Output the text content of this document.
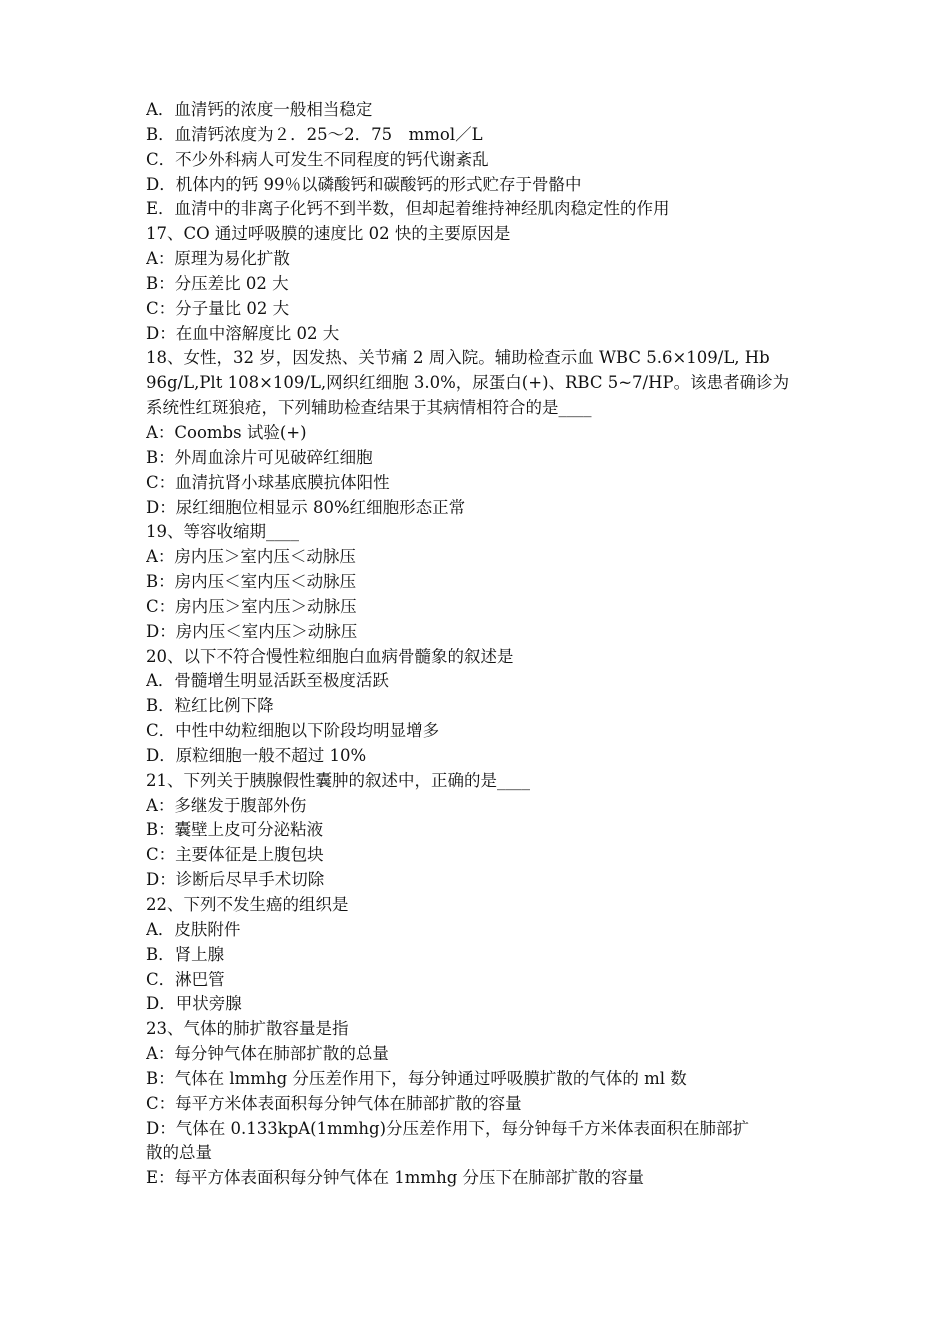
A．血清钙的浓度一般相当稳定
B．血清钙浓度为２．25～2．75　mmol／L
C．不少外科病人可发生不同程度的钙代谢紊乱
D．机体内的钙 99％以磷酸钙和碳酸钙的形式贮存于骨骼中
E．血清中的非离子化钙不到半数，但却起着维持神经肌肉稳定性的作用
17、CO 通过呼吸膜的速度比 02 快的主要原因是
A：原理为易化扩散
B：分压差比 02 大
C：分子量比 02 大
D：在血中溶解度比 02 大
18、女性，32 岁，因发热、关节痛 2 周入院。辅助检查示血 WBC 5.6×109/L, Hb
96g/L,Plt 108×109/L,网织红细胞 3.0%，尿蛋白(+)、RBC 5~7/HP。该患者确诊为
系统性红斑狼疮，下列辅助检查结果于其病情相符合的是____
A：Coombs 试验(+)
B：外周血涂片可见破碎红细胞
C：血清抗肾小球基底膜抗体阳性
D：尿红细胞位相显示 80%红细胞形态正常
19、等容收缩期____
A：房内压＞室内压＜动脉压
B：房内压＜室内压＜动脉压
C：房内压＞室内压＞动脉压
D：房内压＜室内压＞动脉压
20、以下不符合慢性粒细胞白血病骨髓象的叙述是
A．骨髓增生明显活跃至极度活跃
B．粒红比例下降
C．中性中幼粒细胞以下阶段均明显增多
D．原粒细胞一般不超过 10%
21、下列关于胰腺假性囊肿的叙述中，正确的是____
A：多继发于腹部外伤
B：囊壁上皮可分泌粘液
C：主要体征是上腹包块
D：诊断后尽早手术切除
22、下列不发生癌的组织是
A．皮肤附件
B．肾上腺
C．淋巴管
D．甲状旁腺
23、气体的肺扩散容量是指
A：每分钟气体在肺部扩散的总量
B：气体在 lmmhg 分压差作用下，每分钟通过呼吸膜扩散的气体的 ml 数
C：每平方米体表面积每分钟气体在肺部扩散的容量
D：气体在 0.133kpA(1mmhg)分压差作用下，每分钟每千方米体表面积在肺部扩
散的总量
E：每平方体表面积每分钟气体在 1mmhg 分压下在肺部扩散的容量
